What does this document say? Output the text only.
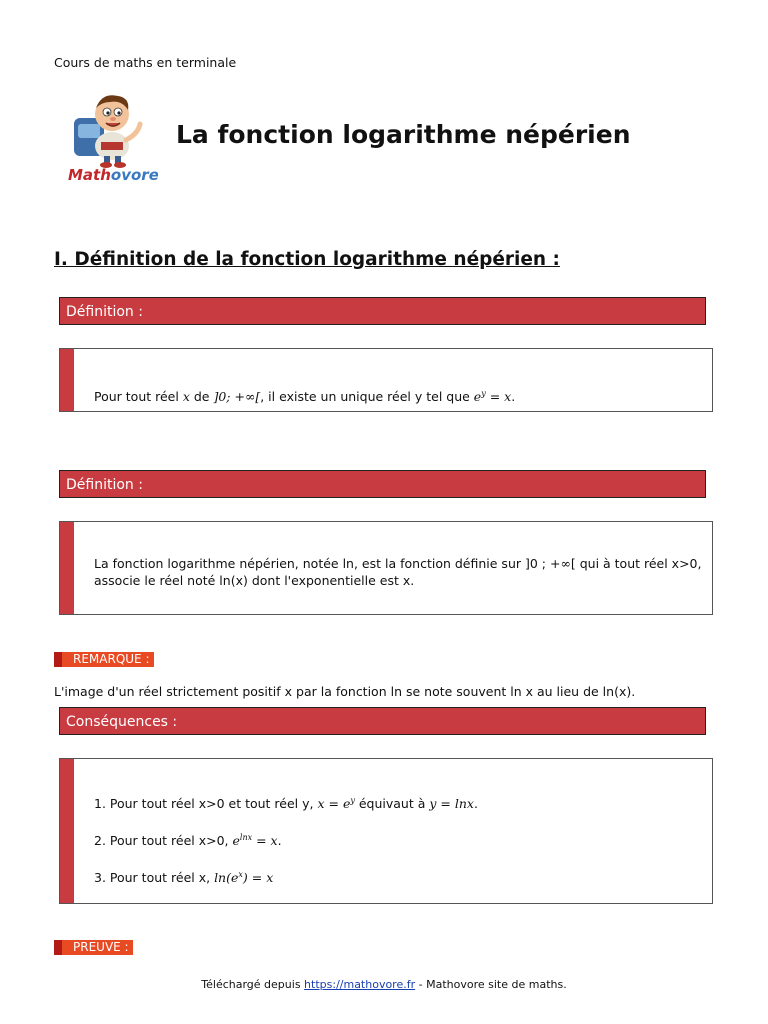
Cours de maths en terminale
Mathovore
La fonction logarithme népérien
I. Définition de la fonction logarithme népérien :
Définition :
Pour tout réel x de ]0; +∞[, il existe un unique réel y tel que $e^y = x$.
Définition :
La fonction logarithme népérien, notée ln, est la fonction définie sur ]0 ; +∞[ qui à tout réel x>0,
associe le réel noté ln(x) dont l'exponentielle est x.
REMARQUE :
L'image d'un réel strictement positif x par la fonction ln se note souvent ln x au lieu de ln(x).
Conséquences :
1. Pour tout réel x>0 et tout réel y, $x = e^y$ équivaut à y = lnx.
2. Pour tout réel x>0, $e^{lnx} = x$.
3. Pour tout réel x, $\ln(e^x) = x$
PREUVE :
Téléchargé depuis https://mathovore.fr - Mathovore site de maths.
